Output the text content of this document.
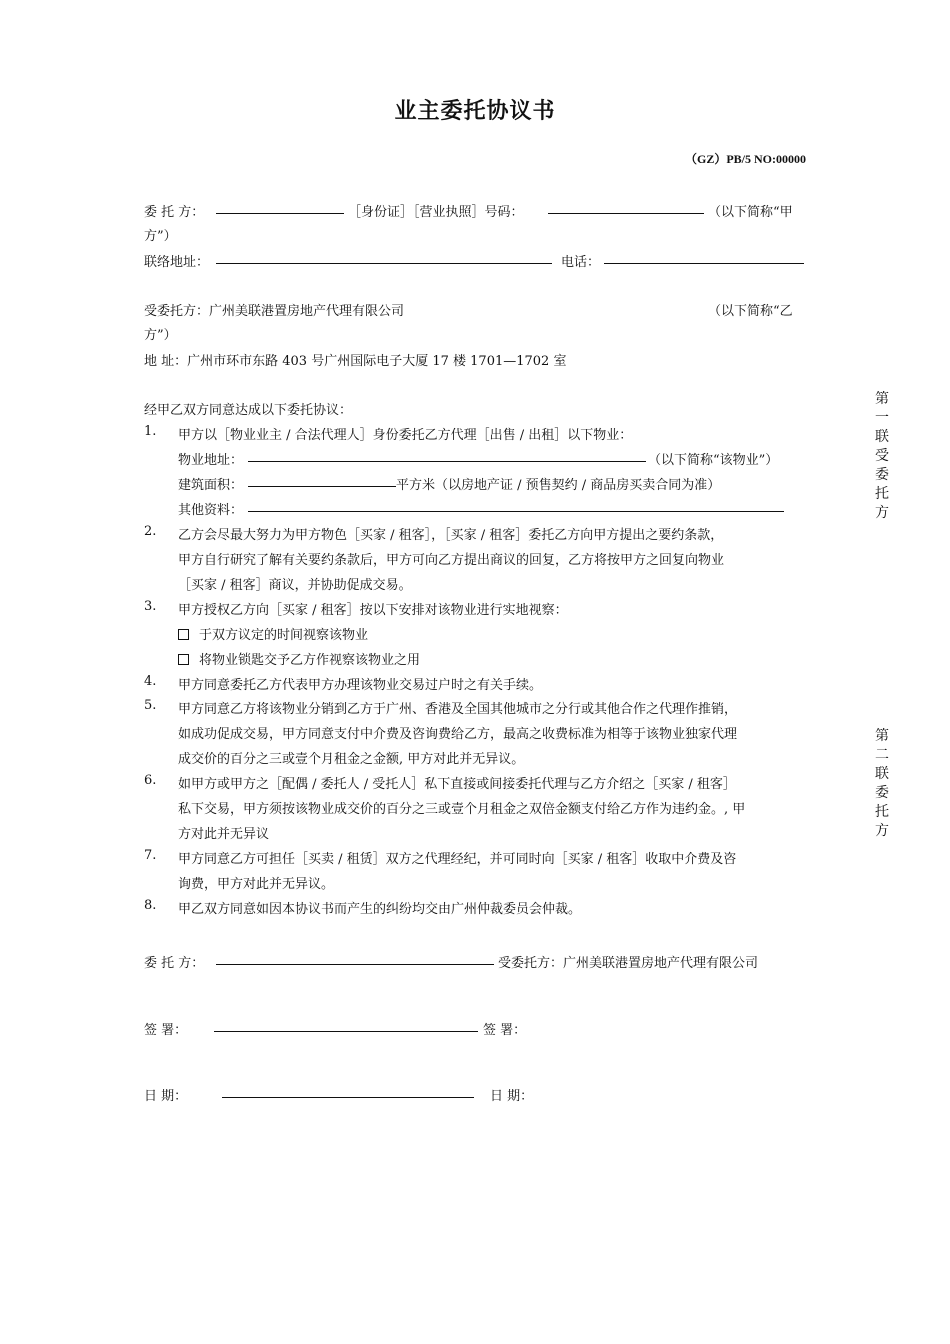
业主委托协议书
（GZ）PB/5 NO:00000
委 托 方：	［身份证］［营业执照］号码：	（以下简称“甲
方”）
联络地址：	电话：
受委托方：广州美联港置房地产代理有限公司	（以下简称“乙
方”）
地 址：广州市环市东路 403 号广州国际电子大厦 17 楼 1701—1702 室
经甲乙双方同意达成以下委托协议：
1. 甲方以［物业业主 / 合法代理人］身份委托乙方代理［出售 / 出租］以下物业：
物业地址：	（以下简称“该物业”）
建筑面积：	平方米（以房地产证 / 预售契约 / 商品房买卖合同为准）
其他资料：
2. 乙方会尽最大努力为甲方物色［买家 / 租客］，［买家 / 租客］委托乙方向甲方提出之要约条款，
甲方自行研究了解有关要约条款后，甲方可向乙方提出商议的回复，乙方将按甲方之回复向物业
［买家 / 租客］商议，并协助促成交易。
3. 甲方授权乙方向［买家 / 租客］按以下安排对该物业进行实地视察：
于双方议定的时间视察该物业
将物业锁匙交予乙方作视察该物业之用
4. 甲方同意委托乙方代表甲方办理该物业交易过户时之有关手续。
5. 甲方同意乙方将该物业分销到乙方于广州、香港及全国其他城市之分行或其他合作之代理作推销，
如成功促成交易，甲方同意支付中介费及咨询费给乙方，最高之收费标准为相等于该物业独家代理
成交价的百分之三或壹个月租金之金额, 甲方对此并无异议。
6. 如甲方或甲方之［配偶 / 委托人 / 受托人］私下直接或间接委托代理与乙方介绍之［买家 / 租客］
私下交易，甲方须按该物业成交价的百分之三或壹个月租金之双倍金额支付给乙方作为违约金。, 甲
方对此并无异议
7. 甲方同意乙方可担任［买卖 / 租赁］双方之代理经纪，并可同时向［买家 / 租客］收取中介费及咨
询费，甲方对此并无异议。
8. 甲乙双方同意如因本协议书而产生的纠纷均交由广州仲裁委员会仲裁。
委 托 方：	受委托方：广州美联港置房地产代理有限公司
签 署：	签 署：
日 期：	日 期：
第
一
联
受
委
托
方
第
二
联
委
托
方
